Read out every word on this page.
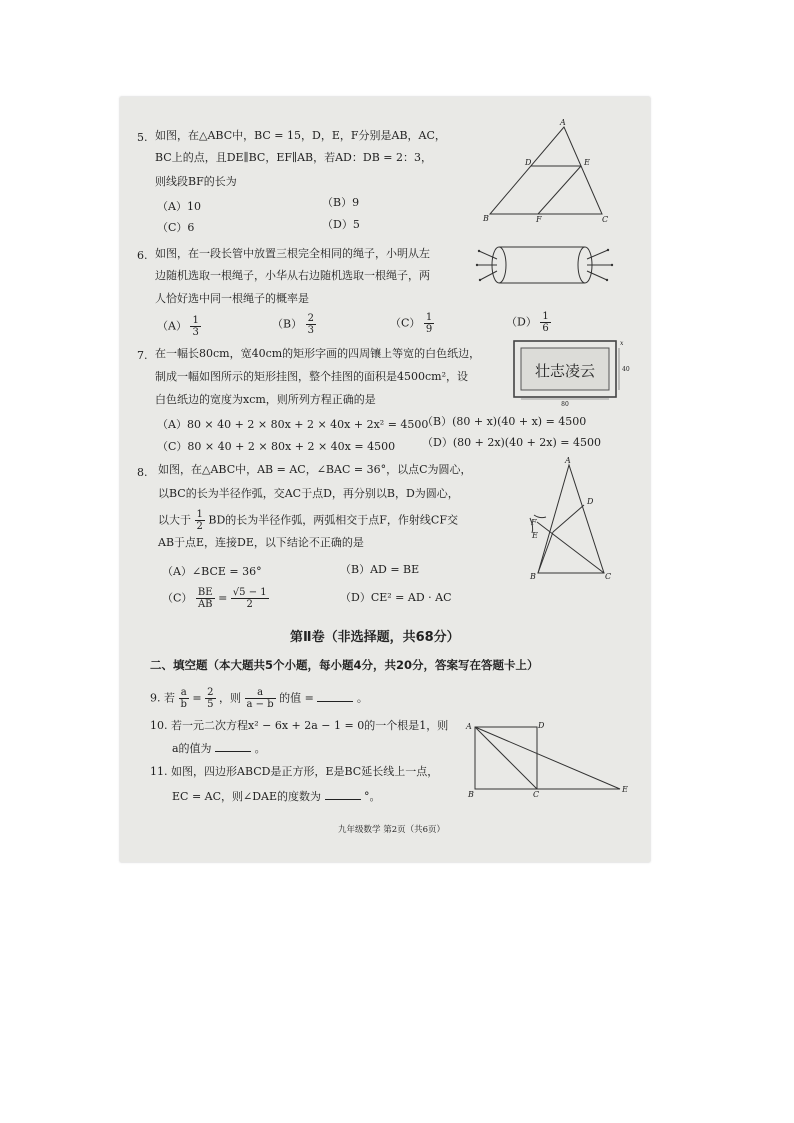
5. 如图，在△ABC中，BC = 15，D，E，F分别是AB，AC，
BC上的点，且DE∥BC，EF∥AB，若AD：DB = 2：3，
则线段BF的长为
（A）10	（B）9
（C）6	（D）5
A
D	E
B	F	C
6. 如图，在一段长管中放置三根完全相同的绳子，小明从左
边随机选取一根绳子，小华从右边随机选取一根绳子，两
人恰好选中同一根绳子的概率是
$(A) \frac{1}{3}$	$(B) \frac{2}{3}$	$(C) \frac{1}{9}$	$(D) \frac{1}{6}$
7. 在一幅长80cm，宽40cm的矩形字画的四周镶上等宽的白色纸边，
制成一幅如图所示的矩形挂图，整个挂图的面积是4500cm²，设
白色纸边的宽度为xcm，则所列方程正确的是
（A）80 × 40 + 2 × 80x + 2 × 40x + 2x² = 4500
（B）(80 + x)(40 + x) = 4500
（C）80 × 40 + 2 × 80x + 2 × 40x = 4500 （D）(80 + 2x)(40 + 2x) = 4500
壮志凌云
80
40
x
8. 如图，在△ABC中，AB = AC，∠BAC = 36°，以点C为圆心，
以BC的长为半径作弧，交AC于点D，再分别以B，D为圆心，
以大于 $\frac{1}{2}$ BD的长为半径作弧，两弧相交于点F，作射线CF交
AB于点E，连接DE，以下结论不正确的是
（A）∠BCE = 36°	（B）AD = BE
$(C) \frac{BE}{AB} = \frac{√5 - 1}{2}$	（D）CE² = AD · AC
A
D
F
E
B	C
第Ⅱ卷（非选择题，共68分）
二、填空题（本大题共5个小题，每小题4分，共20分，答案写在答题卡上）
9. 若 $\frac{a}{b} = \frac{2}{5}$ ，则 $\frac{a}{a - b}$ 的值 =	。
10. 若一元二次方程x² − 6x + 2a − 1 = 0的一个根是1，则
a的值为	。
11. 如图，四边形ABCD是正方形，E是BC延长线上一点，
EC = AC，则∠DAE的度数为	°。
A	D
B	C
E
九年级数学 第2页（共6页）
